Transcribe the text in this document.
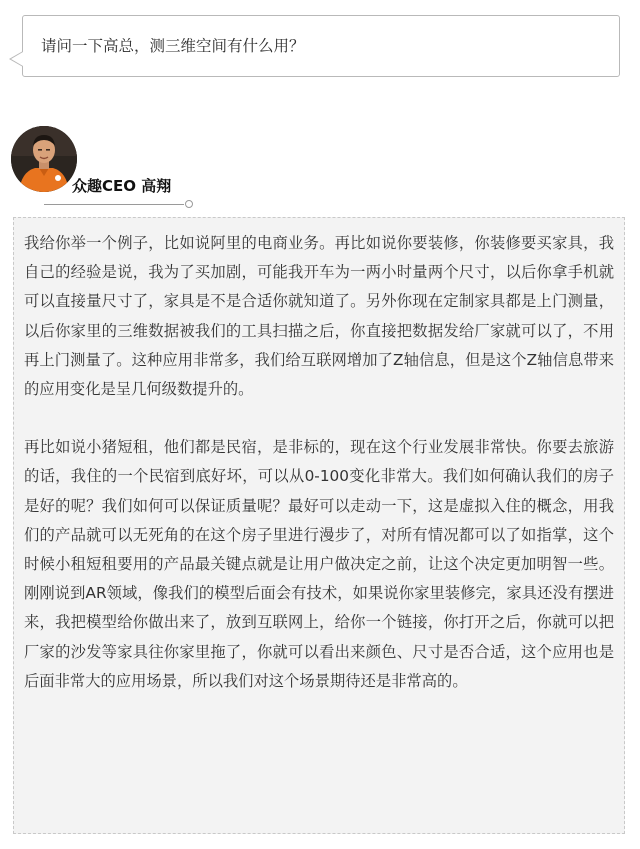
请问一下高总，测三维空间有什么用？
众趣CEO 高翔

我给你举一个例子，比如说阿里的电商业务。再比如说你要装修，你装修要买家具，我自己的经验是说，我为了买加剧，可能我开车为一两小时量两个尺寸，以后你拿手机就可以直接量尺寸了，家具是不是合适你就知道了。另外你现在定制家具都是上门测量，以后你家里的三维数据被我们的工具扫描之后，你直接把数据发给厂家就可以了，不用再上门测量了。这种应用非常多，我们给互联网增加了Z轴信息，但是这个Z轴信息带来的应用变化是呈几何级数提升的。

再比如说小猪短租，他们都是民宿，是非标的，现在这个行业发展非常快。你要去旅游的话，我住的一个民宿到底好坏，可以从0-100变化非常大。我们如何确认我们的房子是好的呢？我们如何可以保证质量呢？最好可以走动一下，这是虚拟入住的概念，用我们的产品就可以无死角的在这个房子里进行漫步了，对所有情况都可以了如指掌，这个时候小租短租要用的产品最关键点就是让用户做决定之前，让这个决定更加明智一些。刚刚说到AR领域，像我们的模型后面会有技术，如果说你家里装修完，家具还没有摆进来，我把模型给你做出来了，放到互联网上，给你一个链接，你打开之后，你就可以把厂家的沙发等家具往你家里拖了，你就可以看出来颜色、尺寸是否合适，这个应用也是后面非常大的应用场景，所以我们对这个场景期待还是非常高的。
